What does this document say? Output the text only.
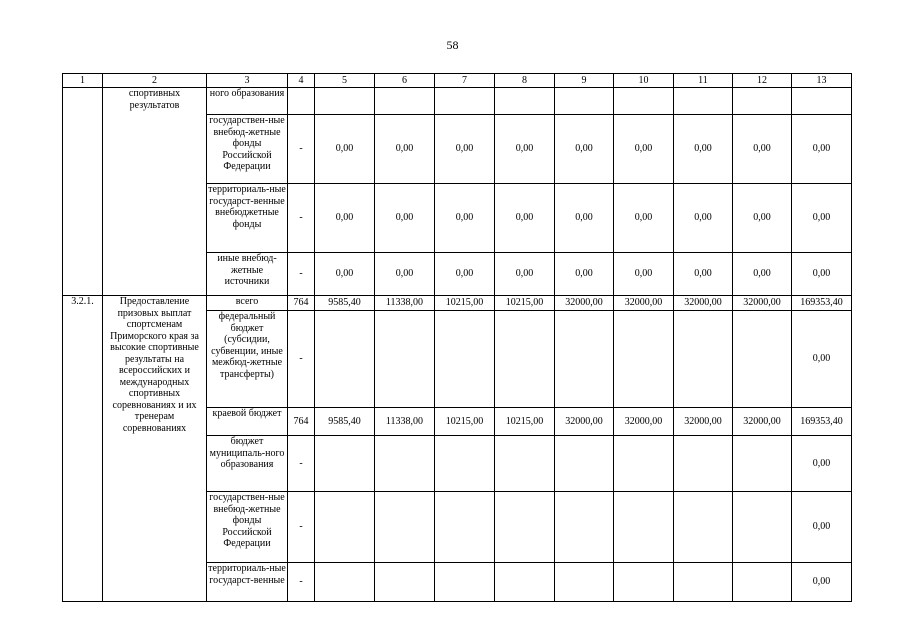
58
1	2	3	4	5	6	7	8	9	10	11	12	13
	спортивных результатов	ного образования										
		государствен-ные внебюд-жетные фонды Российской Федерации	-	0,00	0,00	0,00	0,00	0,00	0,00	0,00	0,00	0,00
		территориаль-ные государст-венные внебюджетные фонды	-	0,00	0,00	0,00	0,00	0,00	0,00	0,00	0,00	0,00
		иные внебюд-жетные источники	-	0,00	0,00	0,00	0,00	0,00	0,00	0,00	0,00	0,00
3.2.1.	Предоставление призовых выплат спортсменам Приморского края за высокие спортивные результаты на всероссийских и международных спортивных соревнованиях и их тренерам соревнованиях	всего	764	9585,40	11338,00	10215,00	10215,00	32000,00	32000,00	32000,00	32000,00	169353,40
		федеральный бюджет (субсидии, субвенции, иные межбюд-жетные трансферты)	-									0,00
		краевой бюджет	764	9585,40	11338,00	10215,00	10215,00	32000,00	32000,00	32000,00	32000,00	169353,40
		бюджет муниципаль-ного образования	-									0,00
		государствен-ные внебюд-жетные фонды Российской Федерации	-									0,00
		территориаль-ные государст-венные	-									0,00
